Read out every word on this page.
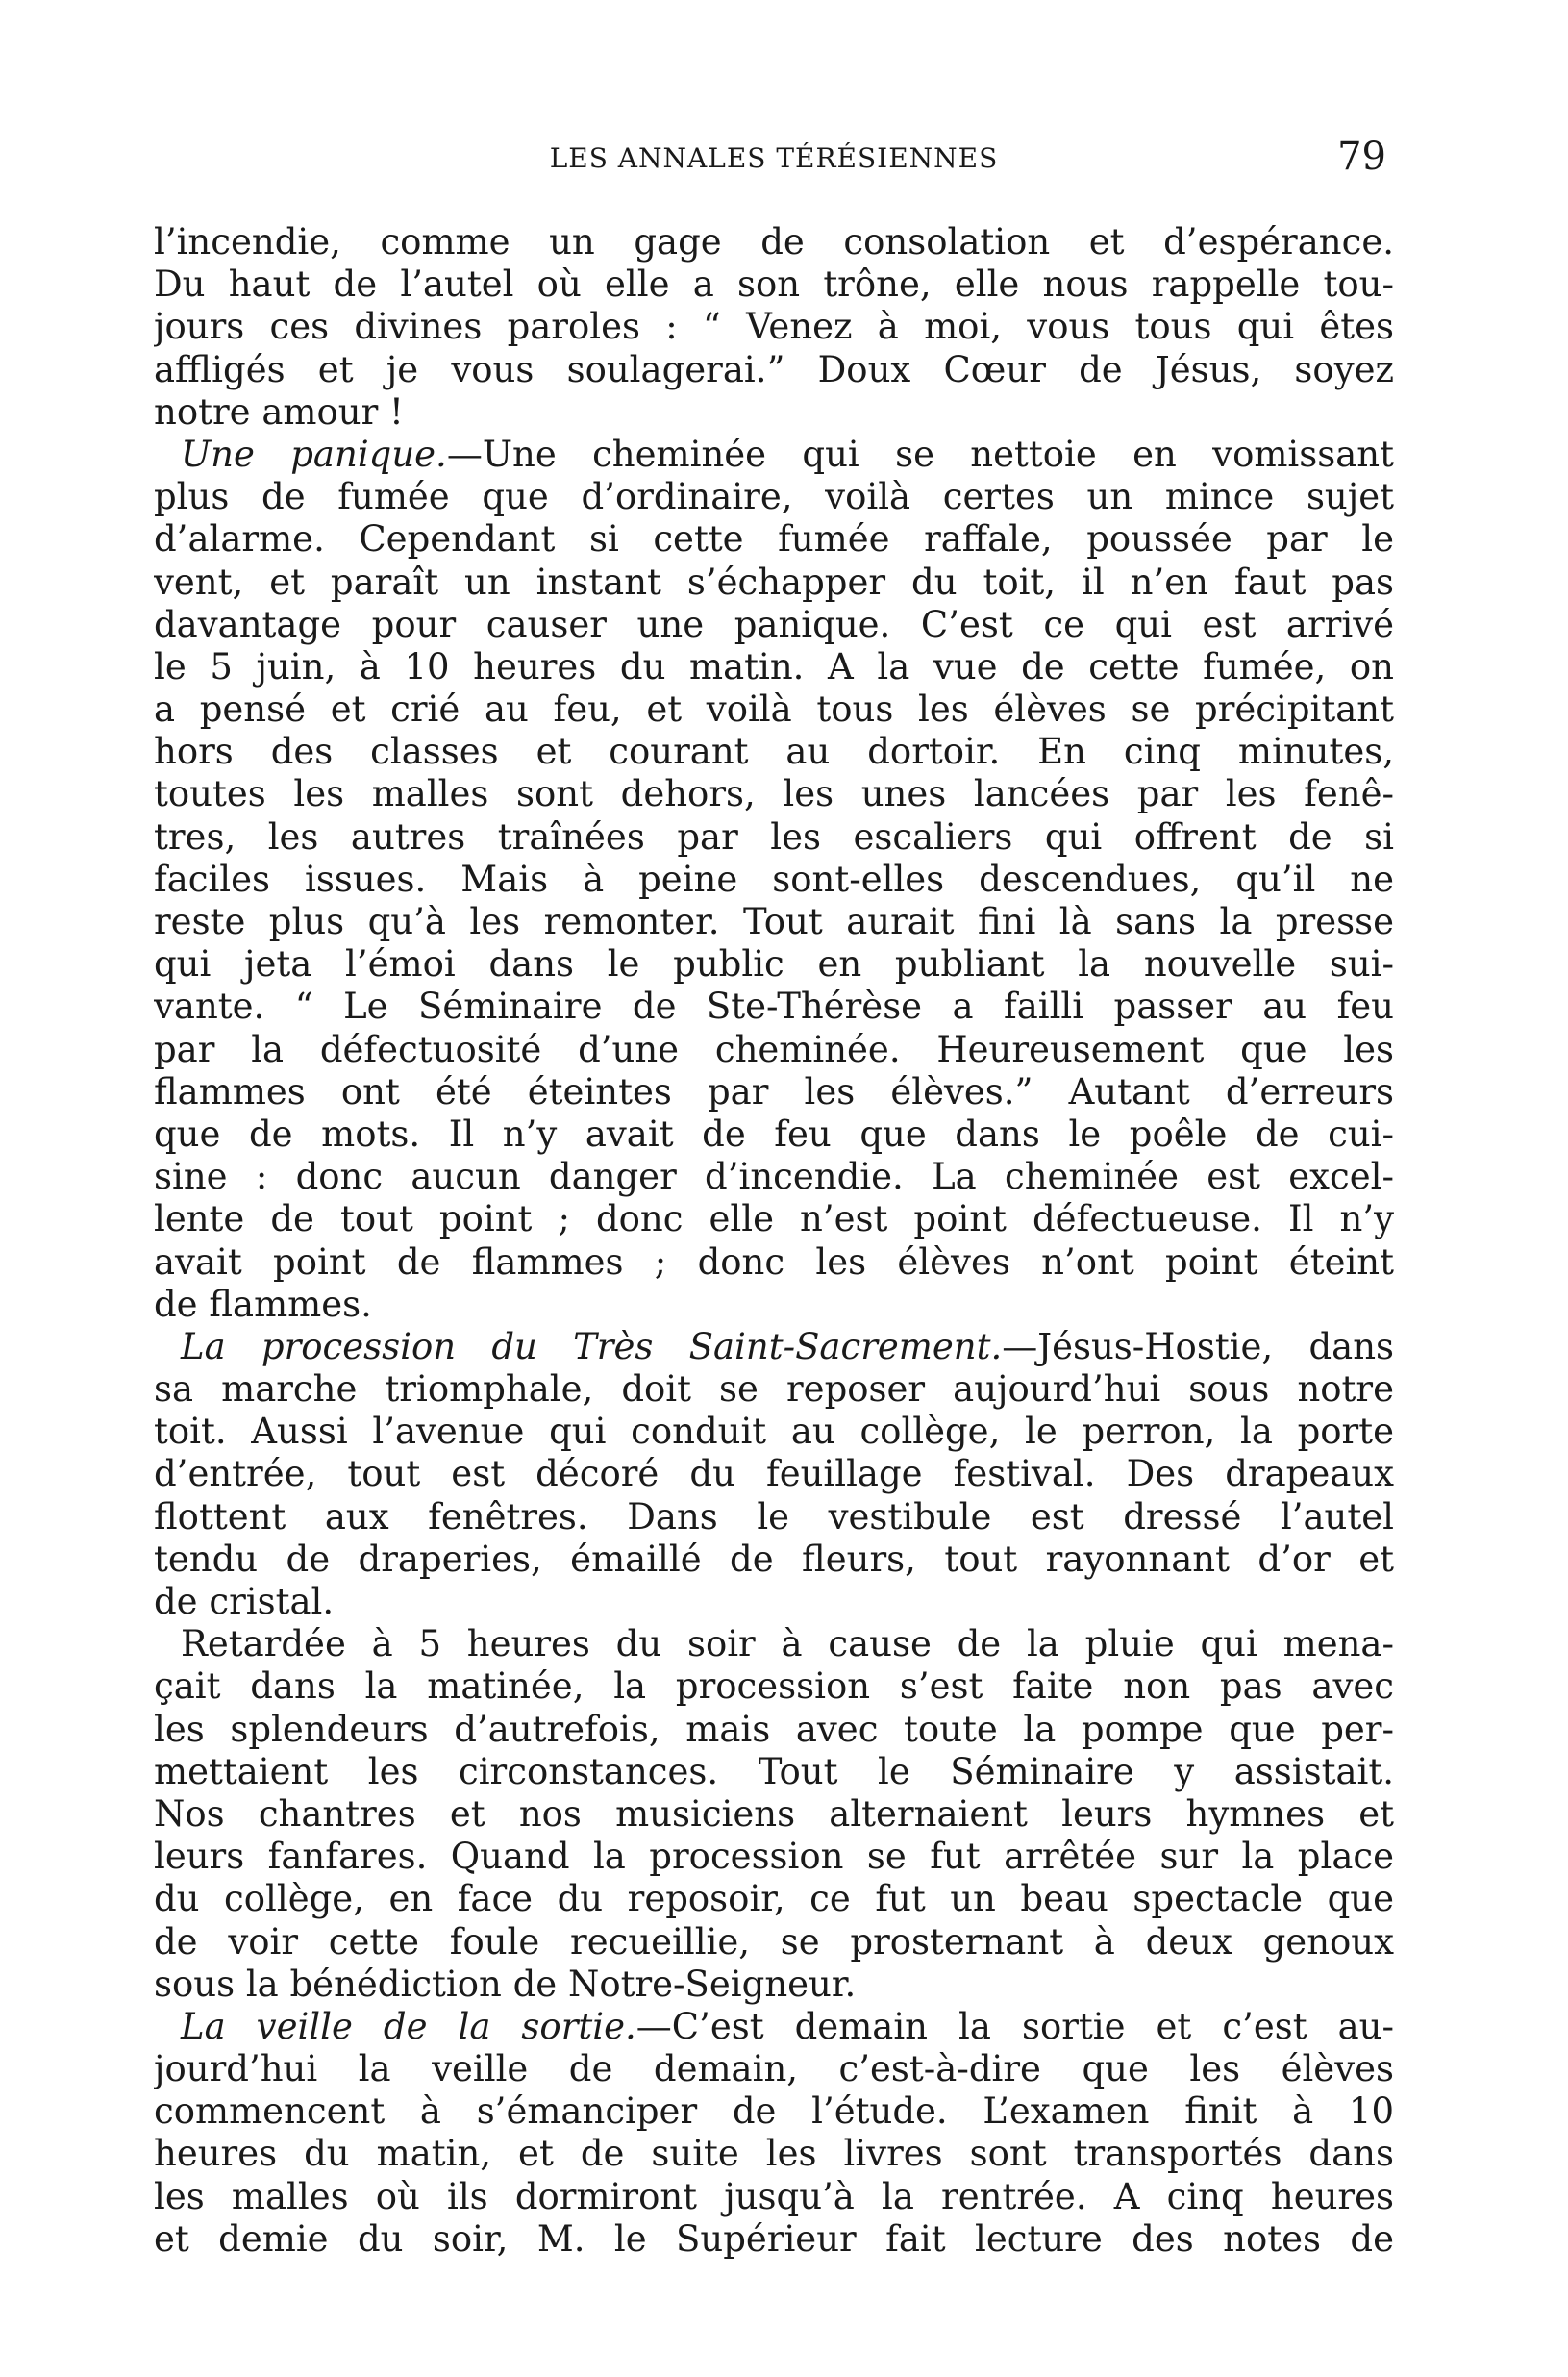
LES ANNALES TÉRÉSIENNES	79
l’incendie, comme un gage de consolation et d’espérance.
Du haut de l’autel où elle a son trône, elle nous rappelle tou-
jours ces divines paroles : “ Venez à moi, vous tous qui êtes
affligés et je vous soulagerai.” Doux Cœur de Jésus, soyez
notre amour !
Une panique.—Une cheminée qui se nettoie en vomissant
plus de fumée que d’ordinaire, voilà certes un mince sujet
d’alarme. Cependant si cette fumée raffale, poussée par le
vent, et paraît un instant s’échapper du toit, il n’en faut pas
davantage pour causer une panique. C’est ce qui est arrivé
le 5 juin, à 10 heures du matin. A la vue de cette fumée, on
a pensé et crié au feu, et voilà tous les élèves se précipitant
hors des classes et courant au dortoir. En cinq minutes,
toutes les malles sont dehors, les unes lancées par les fenê-
tres, les autres traînées par les escaliers qui offrent de si
faciles issues. Mais à peine sont-elles descendues, qu’il ne
reste plus qu’à les remonter. Tout aurait fini là sans la presse
qui jeta l’émoi dans le public en publiant la nouvelle sui-
vante. “ Le Séminaire de Ste-Thérèse a failli passer au feu
par la défectuosité d’une cheminée. Heureusement que les
flammes ont été éteintes par les élèves.” Autant d’erreurs
que de mots. Il n’y avait de feu que dans le poêle de cui-
sine : donc aucun danger d’incendie. La cheminée est excel-
lente de tout point ; donc elle n’est point défectueuse. Il n’y
avait point de flammes ; donc les élèves n’ont point éteint
de flammes.
La procession du Très Saint-Sacrement.—Jésus-Hostie, dans
sa marche triomphale, doit se reposer aujourd’hui sous notre
toit. Aussi l’avenue qui conduit au collège, le perron, la porte
d’entrée, tout est décoré du feuillage festival. Des drapeaux
flottent aux fenêtres. Dans le vestibule est dressé l’autel
tendu de draperies, émaillé de fleurs, tout rayonnant d’or et
de cristal.
Retardée à 5 heures du soir à cause de la pluie qui mena-
çait dans la matinée, la procession s’est faite non pas avec
les splendeurs d’autrefois, mais avec toute la pompe que per-
mettaient les circonstances. Tout le Séminaire y assistait.
Nos chantres et nos musiciens alternaient leurs hymnes et
leurs fanfares. Quand la procession se fut arrêtée sur la place
du collège, en face du reposoir, ce fut un beau spectacle que
de voir cette foule recueillie, se prosternant à deux genoux
sous la bénédiction de Notre-Seigneur.
La veille de la sortie.—C’est demain la sortie et c’est au-
jourd’hui la veille de demain, c’est-à-dire que les élèves
commencent à s’émanciper de l’étude. L’examen finit à 10
heures du matin, et de suite les livres sont transportés dans
les malles où ils dormiront jusqu’à la rentrée. A cinq heures
et demie du soir, M. le Supérieur fait lecture des notes de
